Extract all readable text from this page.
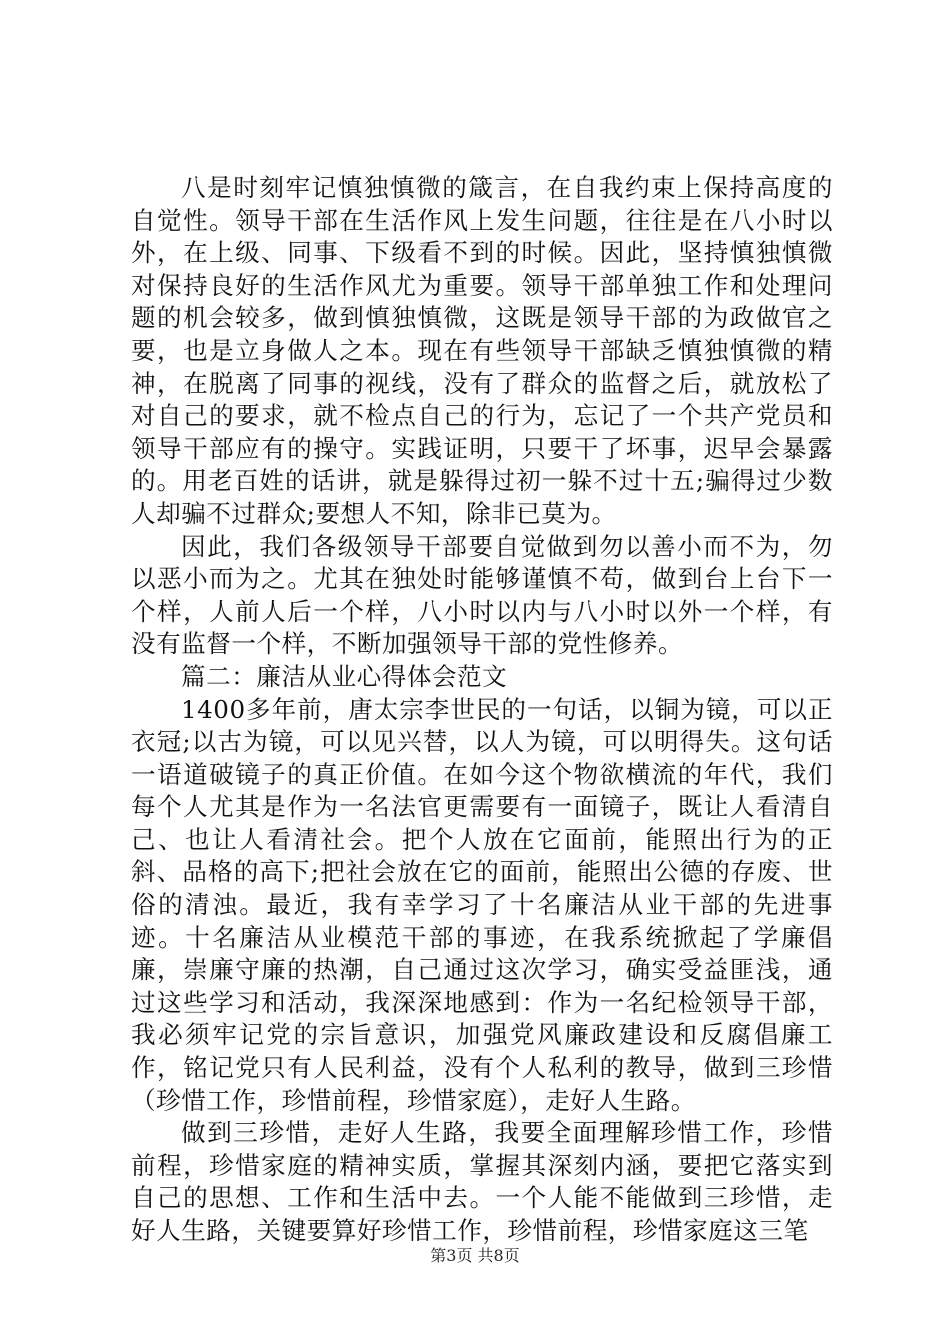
八是时刻牢记慎独慎微的箴言，在自我约束上保持高度的自觉性。领导干部在生活作风上发生问题，往往是在八小时以外，在上级、同事、下级看不到的时候。因此，坚持慎独慎微对保持良好的生活作风尤为重要。领导干部单独工作和处理问题的机会较多，做到慎独慎微，这既是领导干部的为政做官之要，也是立身做人之本。现在有些领导干部缺乏慎独慎微的精神，在脱离了同事的视线，没有了群众的监督之后，就放松了对自己的要求，就不检点自己的行为，忘记了一个共产党员和领导干部应有的操守。实践证明，只要干了坏事，迟早会暴露的。用老百姓的话讲，就是躲得过初一躲不过十五;骗得过少数人却骗不过群众;要想人不知，除非已莫为。

因此，我们各级领导干部要自觉做到勿以善小而不为，勿以恶小而为之。尤其在独处时能够谨慎不苟，做到台上台下一个样，人前人后一个样，八小时以内与八小时以外一个样，有没有监督一个样，不断加强领导干部的党性修养。

篇二：廉洁从业心得体会范文

1400多年前，唐太宗李世民的一句话，以铜为镜，可以正衣冠;以古为镜，可以见兴替，以人为镜，可以明得失。这句话一语道破镜子的真正价值。在如今这个物欲横流的年代，我们每个人尤其是作为一名法官更需要有一面镜子，既让人看清自己、也让人看清社会。把个人放在它面前，能照出行为的正斜、品格的高下;把社会放在它的面前，能照出公德的存废、世俗的清浊。最近，我有幸学习了十名廉洁从业干部的先进事迹。十名廉洁从业模范干部的事迹，在我系统掀起了学廉倡廉，崇廉守廉的热潮，自己通过这次学习，确实受益匪浅，通过这些学习和活动，我深深地感到：作为一名纪检领导干部，我必须牢记党的宗旨意识，加强党风廉政建设和反腐倡廉工作，铭记党只有人民利益，没有个人私利的教导，做到三珍惜（珍惜工作，珍惜前程，珍惜家庭），走好人生路。

做到三珍惜，走好人生路，我要全面理解珍惜工作，珍惜前程，珍惜家庭的精神实质，掌握其深刻内涵，要把它落实到自己的思想、工作和生活中去。一个人能不能做到三珍惜，走好人生路，关键要算好珍惜工作，珍惜前程，珍惜家庭这三笔

第3页 共8页
